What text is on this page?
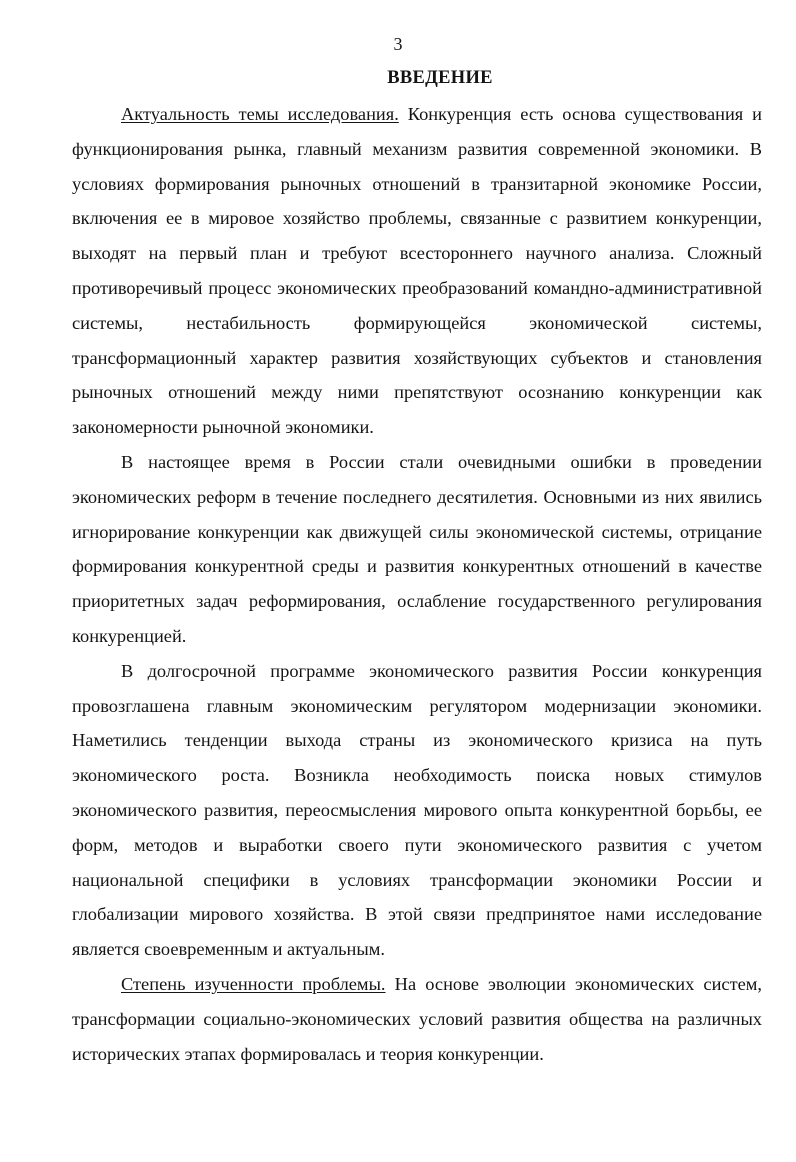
3

ВВЕДЕНИЕ

Актуальность темы исследования. Конкуренция есть основа существования и функционирования рынка, главный механизм развития современной экономики. В условиях формирования рыночных отношений в транзитарной экономике России, включения ее в мировое хозяйство проблемы, связанные с развитием конкуренции, выходят на первый план и требуют всестороннего научного анализа. Сложный противоречивый процесс экономических преобразований командно-административной системы, нестабильность формирующейся экономической системы, трансформационный характер развития хозяйствующих субъектов и становления рыночных отношений между ними препятствуют осознанию конкуренции как закономерности рыночной экономики.

В настоящее время в России стали очевидными ошибки в проведении экономических реформ в течение последнего десятилетия. Основными из них явились игнорирование конкуренции как движущей силы экономической системы, отрицание формирования конкурентной среды и развития конкурентных отношений в качестве приоритетных задач реформирования, ослабление государственного регулирования конкуренцией.

В долгосрочной программе экономического развития России конкуренция провозглашена главным экономическим регулятором модернизации экономики. Наметились тенденции выхода страны из экономического кризиса на путь экономического роста. Возникла необходимость поиска новых стимулов экономического развития, переосмысления мирового опыта конкурентной борьбы, ее форм, методов и выработки своего пути экономического развития с учетом национальной специфики в условиях трансформации экономики России и глобализации мирового хозяйства. В этой связи предпринятое нами исследование является своевременным и актуальным.

Степень изученности проблемы. На основе эволюции экономических систем, трансформации социально-экономических условий развития общества на различных исторических этапах формировалась и теория конкуренции.
